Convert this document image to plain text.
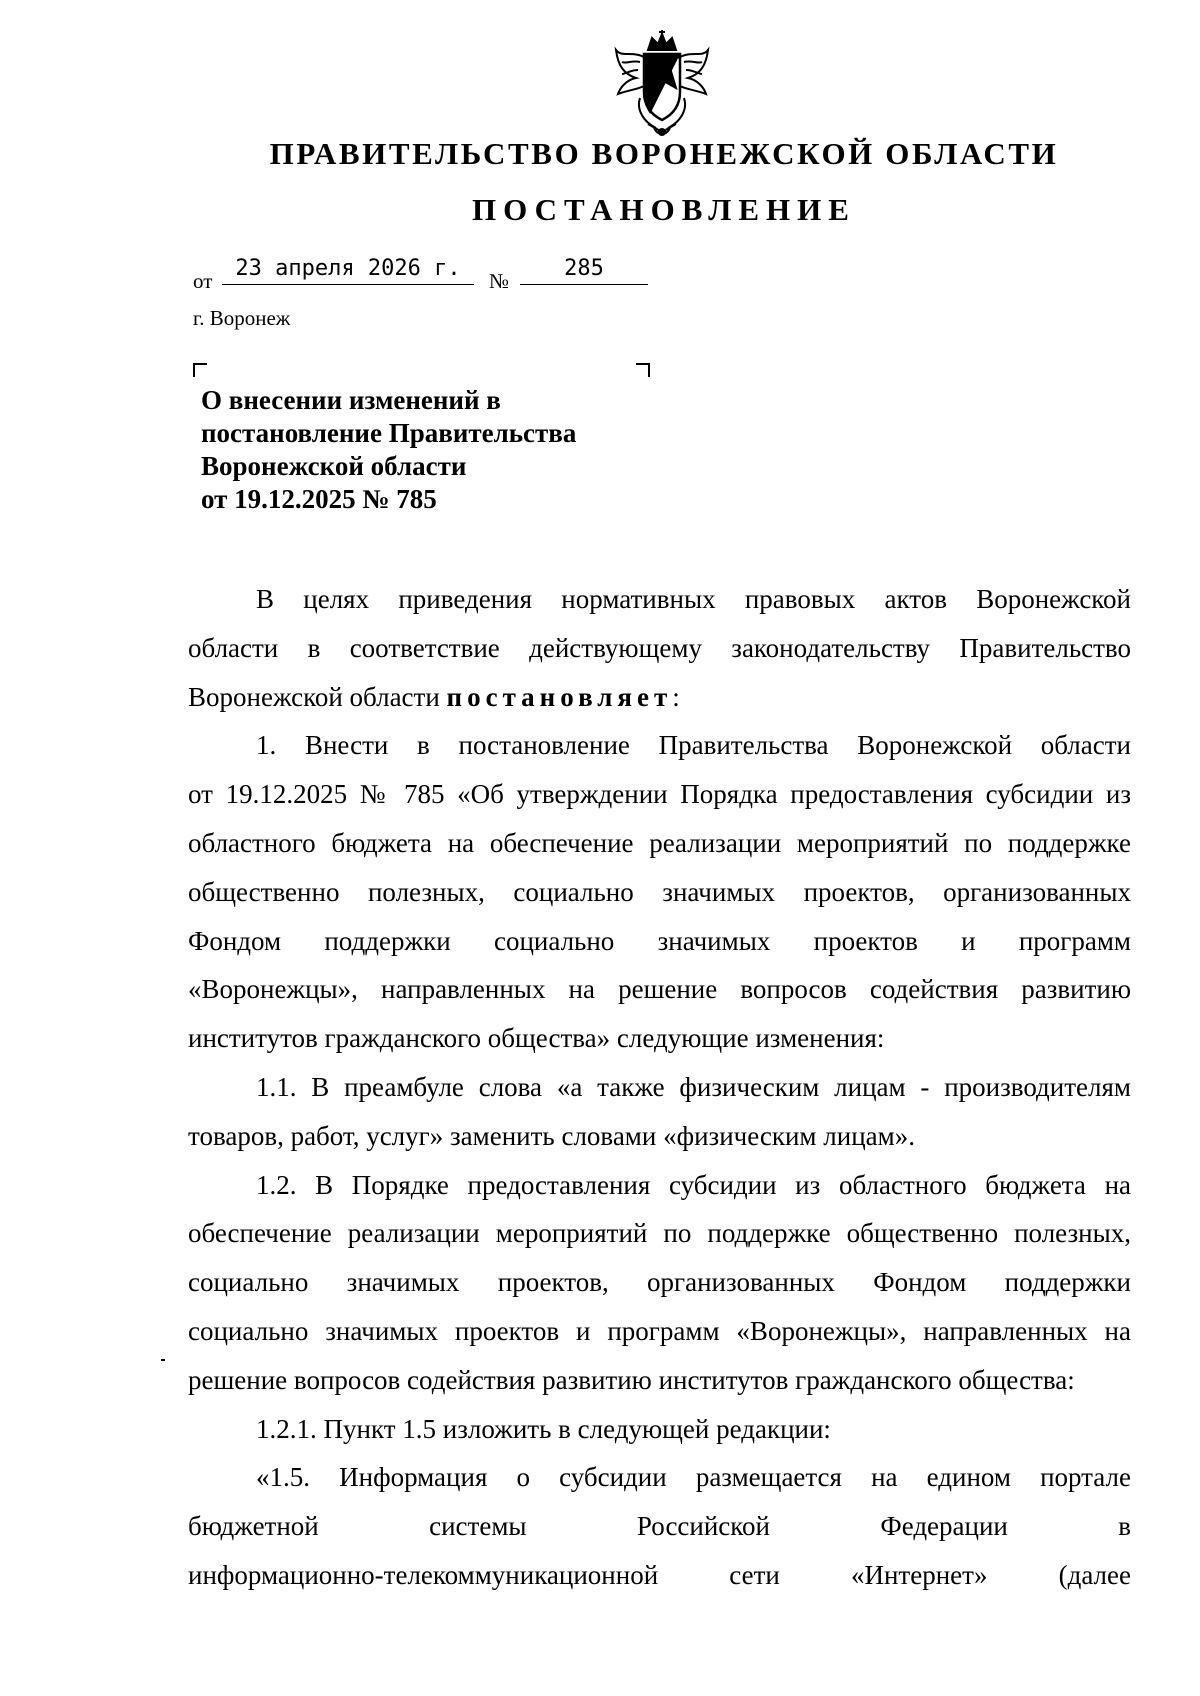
ПРАВИТЕЛЬСТВО ВОРОНЕЖСКОЙ ОБЛАСТИ
ПОСТАНОВЛЕНИЕ
от	23 апреля 2026 г.	№	285
г. Воронеж
О внесении изменений в
постановление Правительства
Воронежской области
от 19.12.2025 № 785
В целях приведения нормативных правовых актов Воронежской
области в соответствие действующему законодательству Правительство
Воронежской области постановляет:
1. Внести в постановление Правительства Воронежской области
от 19.12.2025 № 785 «Об утверждении Порядка предоставления субсидии из
областного бюджета на обеспечение реализации мероприятий по поддержке
общественно полезных, социально значимых проектов, организованных
Фондом поддержки социально значимых проектов и программ
«Воронежцы», направленных на решение вопросов содействия развитию
институтов гражданского общества» следующие изменения:
1.1. В преамбуле слова «а также физическим лицам - производителям
товаров, работ, услуг» заменить словами «физическим лицам».
1.2. В Порядке предоставления субсидии из областного бюджета на
обеспечение реализации мероприятий по поддержке общественно полезных,
социально значимых проектов, организованных Фондом поддержки
социально значимых проектов и программ «Воронежцы», направленных на
решение вопросов содействия развитию институтов гражданского общества:
1.2.1. Пункт 1.5 изложить в следующей редакции:
«1.5. Информация о субсидии размещается на едином портале
бюджетной системы Российской Федерации в
информационно-телекоммуникационной сети «Интернет» (далее
